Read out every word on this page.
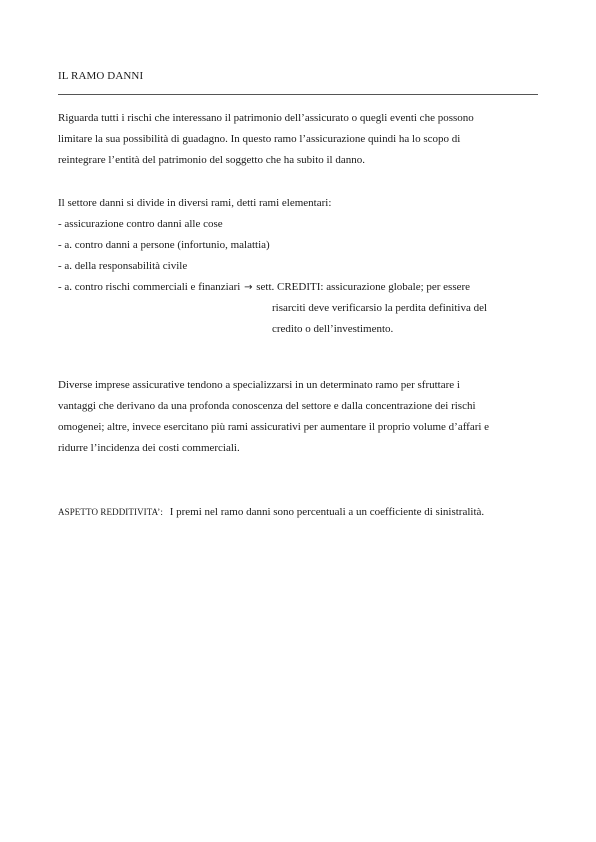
IL RAMO DANNI
Riguarda tutti i rischi che interessano il patrimonio dell’assicurato o quegli eventi che possono
limitare la sua possibilità di guadagno. In questo ramo l’assicurazione quindi ha lo scopo di
reintegrare l’entità del patrimonio del soggetto che ha subito il danno.
Il settore danni si divide in diversi rami, detti rami elementari:
- assicurazione contro danni alle cose
- a. contro danni a persone (infortunio, malattia)
- a. della responsabilità civile
- a. contro rischi commerciali e finanziari → sett. CREDITI: assicurazione globale; per essere
risarciti deve verificarsio la perdita definitiva del
credito o dell’investimento.
Diverse imprese assicurative tendono a specializzarsi in un determinato ramo per sfruttare i
vantaggi che derivano da una profonda conoscenza del settore e dalla concentrazione dei rischi
omogenei; altre, invece esercitano più rami assicurativi per aumentare il proprio volume d’affari e
ridurre l’incidenza dei costi commerciali.
ASPETTO REDDITIVITA’: I premi nel ramo danni sono percentuali a un coefficiente di sinistralità.
